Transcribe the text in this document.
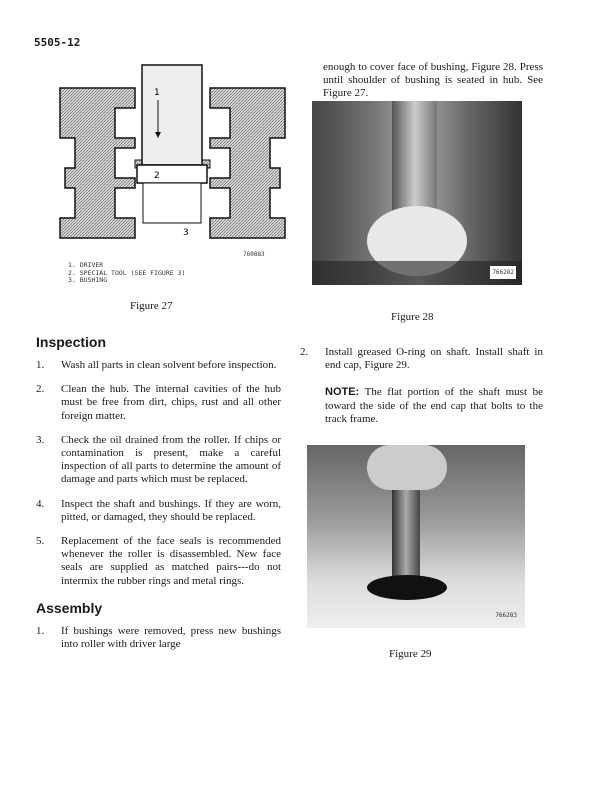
5505-12
1
2
3
760883
1. DRIVER
2. SPECIAL TOOL (SEE FIGURE 3)
3. BUSHING
Figure 27
Inspection
1.	Wash all parts in clean solvent before inspection.
2.	Clean the hub. The internal cavities of the hub must be free from dirt, chips, rust and all other foreign matter.
3.	Check the oil drained from the roller. If chips or contamination is present, make a careful inspection of all parts to determine the amount of damage and parts which must be replaced.
4.	Inspect the shaft and bushings. If they are worn, pitted, or damaged, they should be replaced.
5.	Replacement of the face seals is recommended whenever the roller is disassembled. New face seals are supplied as matched pairs---do not intermix the rubber rings and metal rings.
Assembly
1.	If bushings were removed, press new bushings into roller with driver large
enough to cover face of bushing, Figure 28. Press until shoulder of bushing is seated in hub. See Figure 27.
766282
Figure 28
2.	Install greased O-ring on shaft. Install shaft in end cap, Figure 29.
NOTE: The flat portion of the shaft must be toward the side of the end cap that bolts to the track frame.
766283
Figure 29
